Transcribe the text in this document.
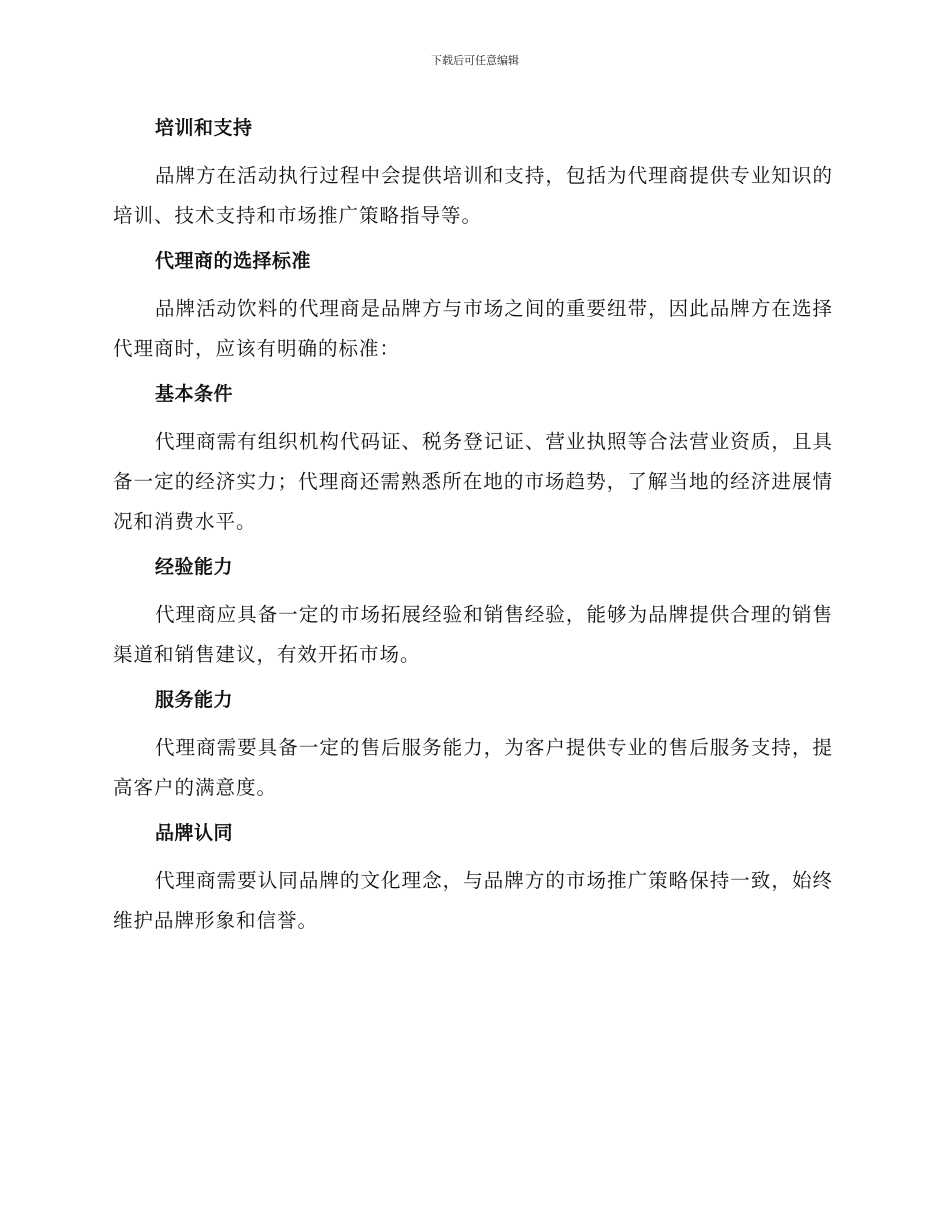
下载后可任意编辑
培训和支持

品牌方在活动执行过程中会提供培训和支持，包括为代理商提供专业知识的培训、技术支持和市场推广策略指导等。

代理商的选择标准

品牌活动饮料的代理商是品牌方与市场之间的重要纽带，因此品牌方在选择代理商时，应该有明确的标准：

基本条件

代理商需有组织机构代码证、税务登记证、营业执照等合法营业资质，且具备一定的经济实力；代理商还需熟悉所在地的市场趋势，了解当地的经济进展情况和消费水平。

经验能力

代理商应具备一定的市场拓展经验和销售经验，能够为品牌提供合理的销售渠道和销售建议，有效开拓市场。

服务能力

代理商需要具备一定的售后服务能力，为客户提供专业的售后服务支持，提高客户的满意度。

品牌认同

代理商需要认同品牌的文化理念，与品牌方的市场推广策略保持一致，始终维护品牌形象和信誉。
